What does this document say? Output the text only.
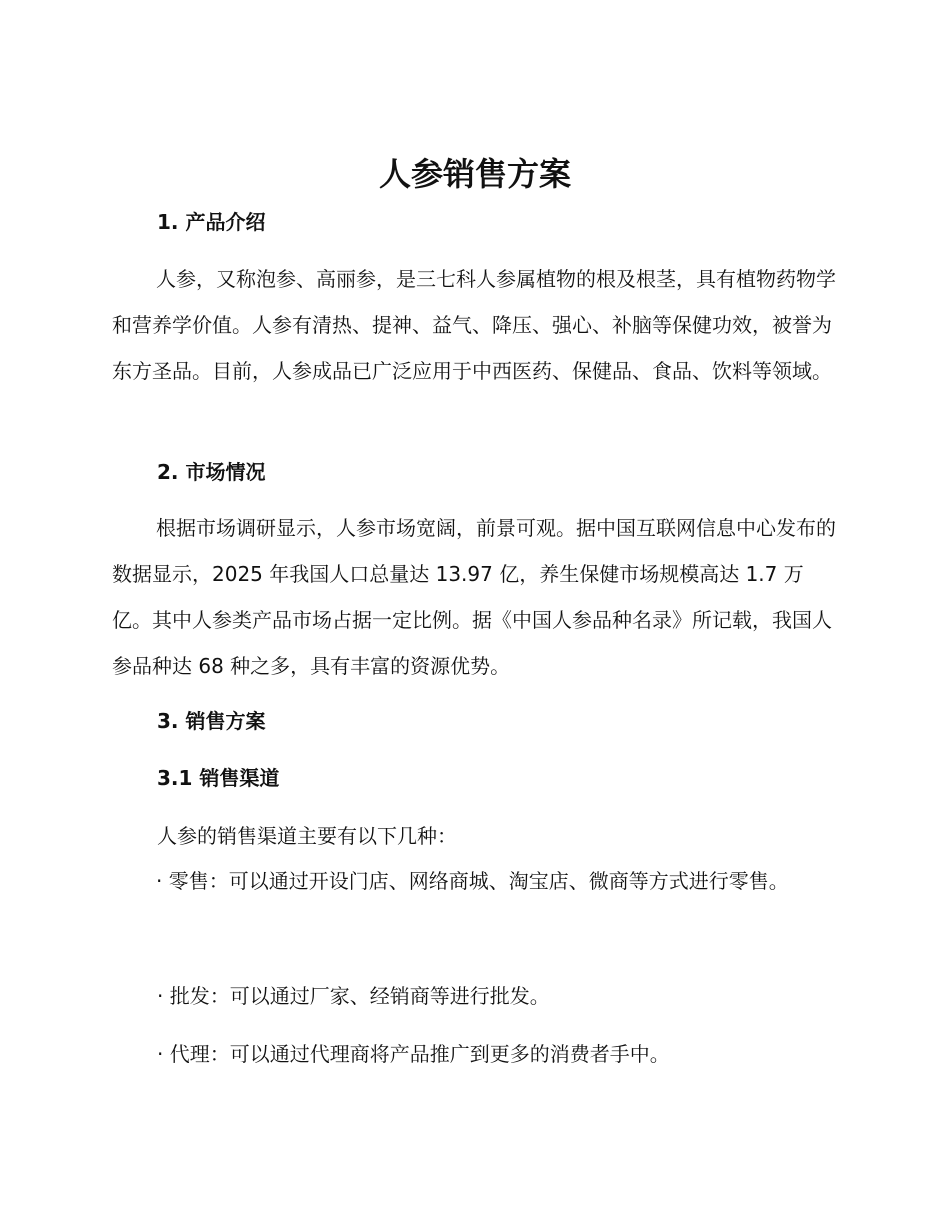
人参销售方案
1. 产品介绍

人参，又称泡参、高丽参，是三七科人参属植物的根及根茎，具有植物药物学和营养学价值。人参有清热、提神、益气、降压、强心、补脑等保健功效，被誉为东方圣品。目前，人参成品已广泛应用于中西医药、保健品、食品、饮料等领域。

2. 市场情况

根据市场调研显示，人参市场宽阔，前景可观。据中国互联网信息中心发布的数据显示，2025 年我国人口总量达 13.97 亿，养生保健市场规模高达 1.7 万亿。其中人参类产品市场占据一定比例。据《中国人参品种名录》所记载，我国人参品种达 68 种之多，具有丰富的资源优势。

3. 销售方案
3.1 销售渠道
人参的销售渠道主要有以下几种：

· 零售：可以通过开设门店、网络商城、淘宝店、微商等方式进行零售。

· 批发：可以通过厂家、经销商等进行批发。
· 代理：可以通过代理商将产品推广到更多的消费者手中。
